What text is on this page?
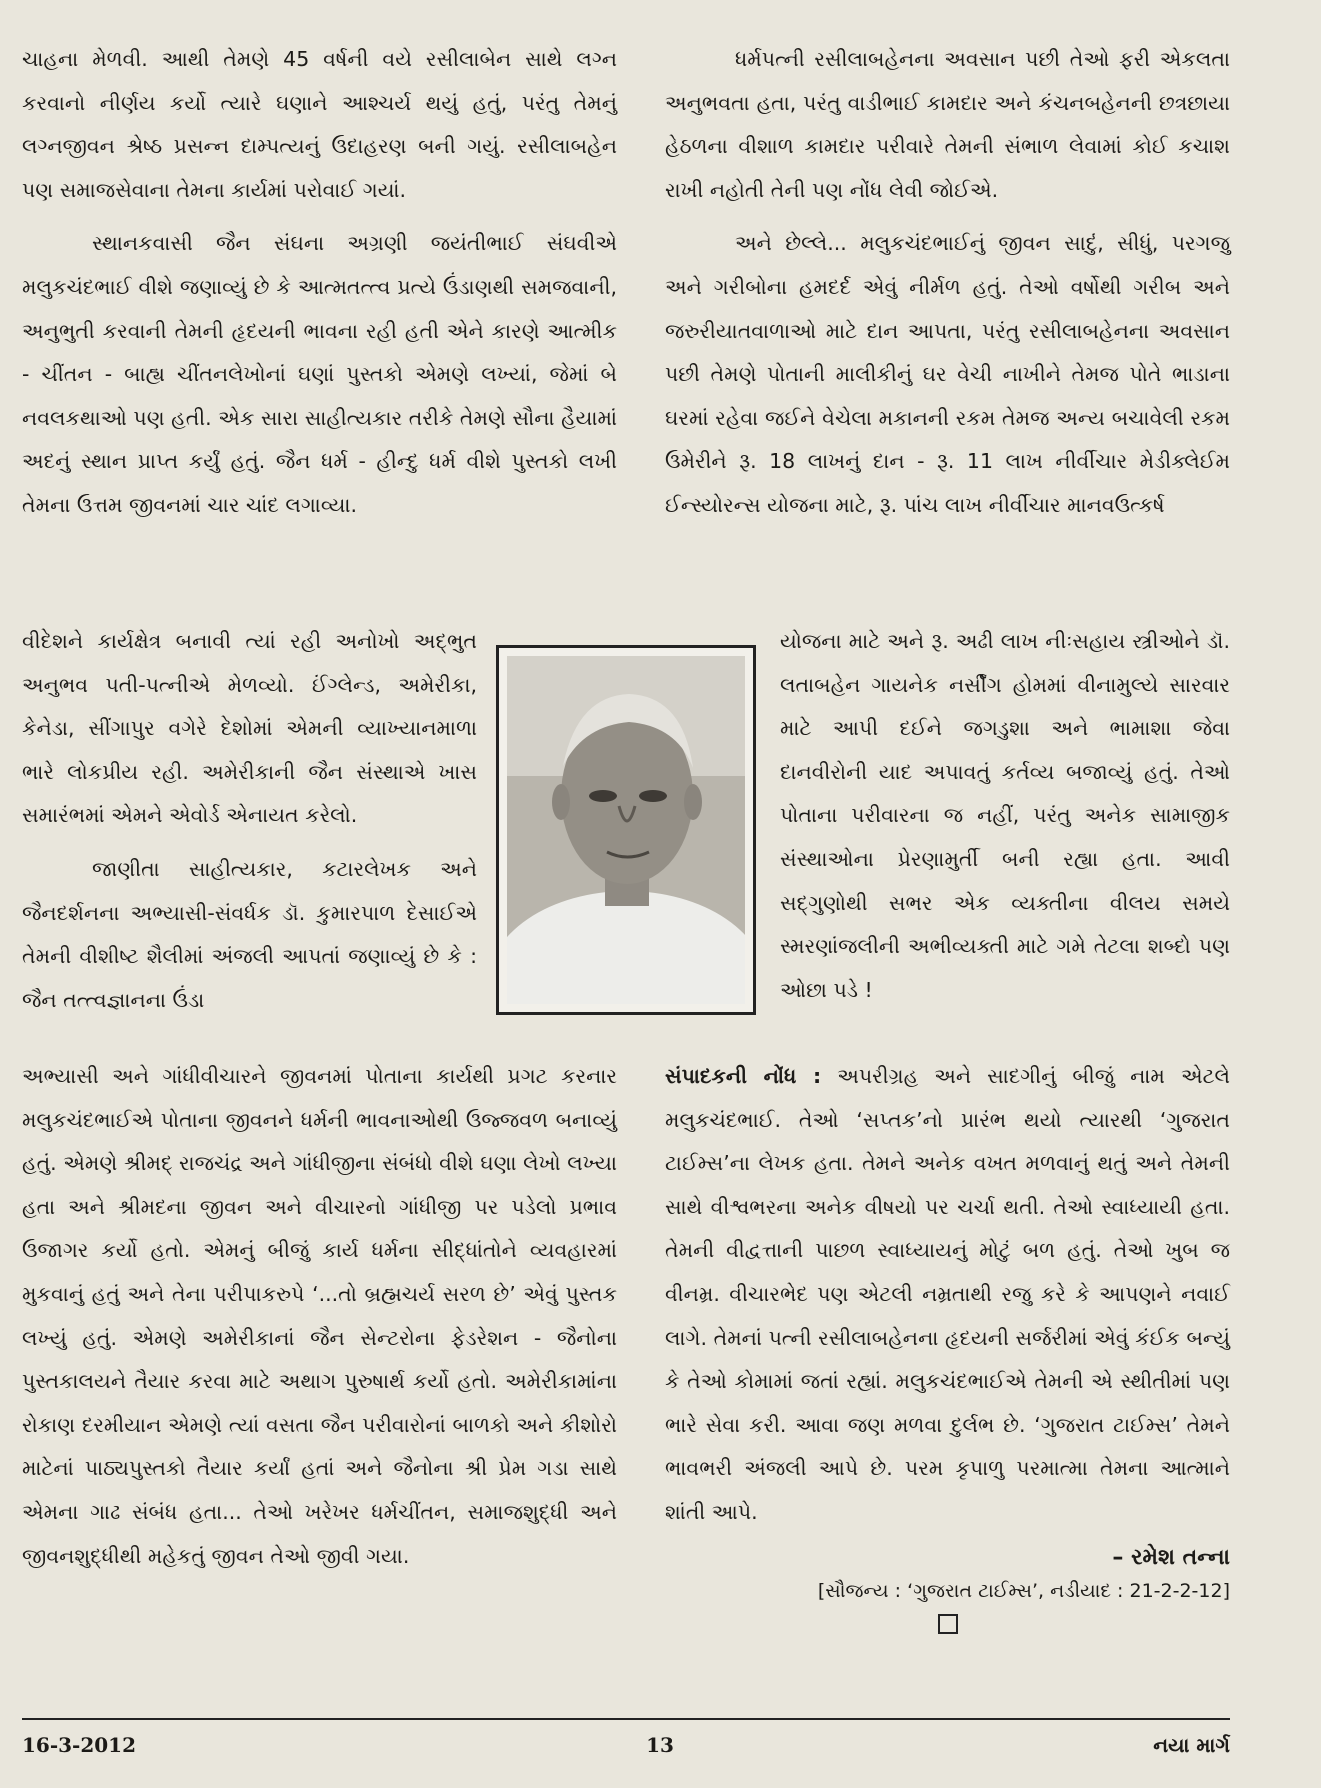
ચાહના મેળવી. આથી તેમણે 45 વર્ષની વયે રસીલાબેન સાથે લગ્ન કરવાનો નીર્ણય કર્યો ત્યારે ઘણાને આશ્ચર્ય થયું હતું, પરંતુ તેમનું લગ્નજીવન શ્રેષ્ઠ પ્રસન્ન દામ્પત્યનું ઉદાહરણ બની ગયું. રસીલાબહેન પણ સમાજસેવાના તેમના કાર્યમાં પરોવાઈ ગયાં.

સ્થાનકવાસી જૈન સંઘના અગ્રણી જયંતીભાઈ સંઘવીએ મલુકચંદભાઈ વીશે જણાવ્યું છે કે આત્મતત્ત્વ પ્રત્યે ઉંડાણથી સમજવાની, અનુભુતી કરવાની તેમની હૃદયની ભાવના રહી હતી એને કારણે આત્મીક - ચીંતન - બાહ્ય ચીંતનલેખોનાં ઘણાં પુસ્તકો એમણે લખ્યાં, જેમાં બે નવલકથાઓ પણ હતી. એક સારા સાહીત્યકાર તરીકે તેમણે સૌના હૈયામાં અદનું સ્થાન પ્રાપ્ત કર્યું હતું. જૈન ધર્મ - હીન્દુ ધર્મ વીશે પુસ્તકો લખી તેમના ઉત્તમ જીવનમાં ચાર ચાંદ લગાવ્યા.

વીદેશને કાર્યક્ષેત્ર બનાવી ત્યાં રહી અનોખો અદ્ભુત અનુભવ પતી-પત્નીએ મેળવ્યો. ઈંગ્લેન્ડ, અમેરીકા, કેનેડા, સીંગાપુર વગેરે દેશોમાં એમની વ્યાખ્યાનમાળા ભારે લોકપ્રીય રહી. અમેરીકાની જૈન સંસ્થાએ ખાસ સમારંભમાં એમને એવોર્ડ એનાયત કરેલો.

જાણીતા સાહીત્યકાર, કટારલેખક અને જૈનદર્શનના અભ્યાસી-સંવર્ધક ડૉ. કુમારપાળ દેસાઈએ તેમની વીશીષ્ટ શૈલીમાં અંજલી આપતાં જણાવ્યું છે કે : જૈન તત્ત્વજ્ઞાનના ઉંડા

ધર્મપત્ની રસીલાબહેનના અવસાન પછી તેઓ ફરી એકલતા અનુભવતા હતા, પરંતુ વાડીભાઈ કામદાર અને કંચનબહેનની છત્રછાયા હેઠળના વીશાળ કામદાર પરીવારે તેમની સંભાળ લેવામાં કોઈ કચાશ રાખી નહોતી તેની પણ નોંધ લેવી જોઈએ.

અને છેલ્લે... મલુકચંદભાઈનું જીવન સાદું, સીધું, પરગજુ અને ગરીબોના હમદર્દ એવું નીર્મળ હતું. તેઓ વર્ષોથી ગરીબ અને જરુરીયાતવાળાઓ માટે દાન આપતા, પરંતુ રસીલાબહેનના અવસાન પછી તેમણે પોતાની માલીકીનું ઘર વેચી નાખીને તેમજ પોતે ભાડાના ઘરમાં રહેવા જઈને વેચેલા મકાનની રકમ તેમજ અન્ય બચાવેલી રકમ ઉમેરીને રૂ. 18 લાખનું દાન - રૂ. 11 લાખ નીર્વીચાર મેડીક્લેઈમ ઈન્સ્યોરન્સ યોજના માટે, રૂ. પાંચ લાખ નીર્વીચાર માનવઉત્કર્ષ

યોજના માટે અને રૂ. અઢી લાખ નીઃસહાય સ્ત્રીઓને ડૉ. લતાબહેન ગાયનેક નર્સીંગ હોમમાં વીનામુલ્યે સારવાર માટે આપી દઈને જગડુશા અને ભામાશા જેવા દાનવીરોની યાદ અપાવતું કર્તવ્ય બજાવ્યું હતું. તેઓ પોતાના પરીવારના જ નહીં, પરંતુ અનેક સામાજીક સંસ્થાઓના પ્રેરણામુર્તી બની રહ્યા હતા. આવી સદ્ગુણોથી સભર એક વ્યક્તીના વીલય સમયે સ્મરણાંજલીની અભીવ્યક્તી માટે ગમે તેટલા શબ્દો પણ ઓછા પડે !

અભ્યાસી અને ગાંધીવીચારને જીવનમાં પોતાના કાર્યથી પ્રગટ કરનાર મલુકચંદભાઈએ પોતાના જીવનને ધર્મની ભાવનાઓથી ઉજ્જવળ બનાવ્યું હતું. એમણે શ્રીમદ્ રાજચંદ્ર અને ગાંધીજીના સંબંધો વીશે ઘણા લેખો લખ્યા હતા અને શ્રીમદના જીવન અને વીચારનો ગાંધીજી પર પડેલો પ્રભાવ ઉજાગર કર્યો હતો. એમનું બીજું કાર્ય ધર્મના સીદ્ધાંતોને વ્યવહારમાં મુકવાનું હતું અને તેના પરીપાકરુપે ‘...તો બ્રહ્મચર્ય સરળ છે’ એવું પુસ્તક લખ્યું હતું. એમણે અમેરીકાનાં જૈન સેન્ટરોના ફેડરેશન - જૈનોના પુસ્તકાલયને તૈયાર કરવા માટે અથાગ પુરુષાર્થ કર્યો હતો. અમેરીકામાંના રોકાણ દરમીયાન એમણે ત્યાં વસતા જૈન પરીવારોનાં બાળકો અને કીશોરો માટેનાં પાઠ્યપુસ્તકો તૈયાર કર્યાં હતાં અને જૈનોના શ્રી પ્રેમ ગડા સાથે એમના ગાઢ સંબંધ હતા... તેઓ ખરેખર ધર્મચીંતન, સમાજશુદ્ધી અને જીવનશુદ્ધીથી મહેકતું જીવન તેઓ જીવી ગયા.

સંપાદકની નોંધ : અપરીગ્રહ અને સાદગીનું બીજું નામ એટલે મલુકચંદભાઈ. તેઓ ‘સપ્તક’નો પ્રારંભ થયો ત્યારથી ‘ગુજરાત ટાઈમ્સ’ના લેખક હતા. તેમને અનેક વખત મળવાનું થતું અને તેમની સાથે વીશ્વભરના અનેક વીષયો પર ચર્ચા થતી. તેઓ સ્વાધ્યાયી હતા. તેમની વીદ્વત્તાની પાછળ સ્વાધ્યાયનું મોટું બળ હતું. તેઓ ખુબ જ વીનમ્ર. વીચારભેદ પણ એટલી નમ્રતાથી રજુ કરે કે આપણને નવાઈ લાગે. તેમનાં પત્ની રસીલાબહેનના હૃદયની સર્જરીમાં એવું કંઈક બન્યું કે તેઓ કોમામાં જતાં રહ્યાં. મલુકચંદભાઈએ તેમની એ સ્થીતીમાં પણ ભારે સેવા કરી. આવા જણ મળવા દુર્લભ છે. ‘ગુજરાત ટાઈમ્સ’ તેમને ભાવભરી અંજલી આપે છે. પરમ કૃપાળુ પરમાત્મા તેમના આત્માને શાંતી આપે.

– રમેશ તન્ના
[સૌજન્ય : ‘ગુજરાત ટાઈમ્સ’, નડીયાદ : 21-2-2-12]
16-3-2012	13	નયા માર્ગ
